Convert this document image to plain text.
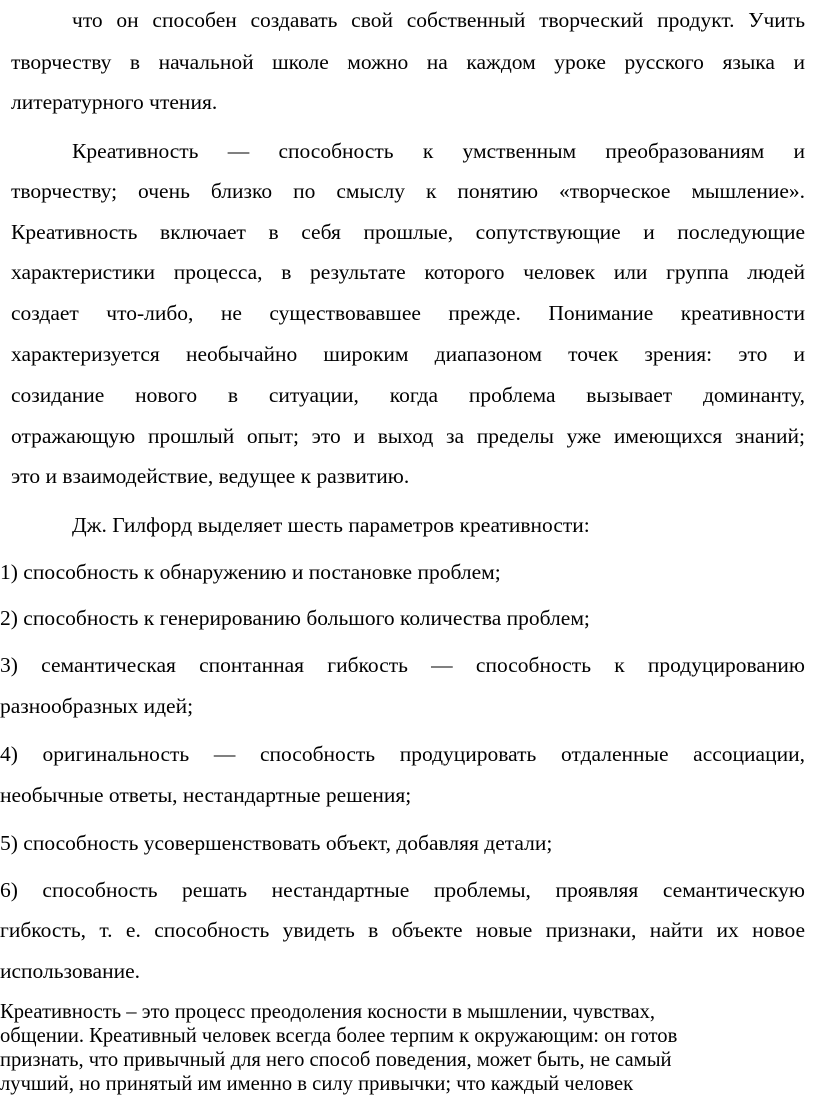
что он способен создавать свой собственный творческий продукт. Учить
творчеству в начальной школе можно на каждом уроке русского языка и
литературного чтения.
Креативность — способность к умственным преобразованиям и
творчеству; очень близко по смыслу к понятию «творческое мышление».
Креативность включает в себя прошлые, сопутствующие и последующие
характеристики процесса, в результате которого человек или группа людей
создает что-либо, не существовавшее прежде. Понимание креативности
характеризуется необычайно широким диапазоном точек зрения: это и
созидание нового в ситуации, когда проблема вызывает доминанту,
отражающую прошлый опыт; это и выход за пределы уже имеющихся знаний;
это и взаимодействие, ведущее к развитию.
Дж. Гилфорд выделяет шесть параметров креативности:
1) способность к обнаружению и постановке проблем;
2) способность к генерированию большого количества проблем;
3) семантическая спонтанная гибкость — способность к продуцированию
разнообразных идей;
4) оригинальность — способность продуцировать отдаленные ассоциации,
необычные ответы, нестандартные решения;
5) способность усовершенствовать объект, добавляя детали;
6) способность решать нестандартные проблемы, проявляя семантическую
гибкость, т. е. способность увидеть в объекте новые признаки, найти их новое
использование.
Креативность – это процесс преодоления косности в мышлении, чувствах,
общении. Креативный человек всегда более терпим к окружающим: он готов
признать, что привычный для него способ поведения, может быть, не самый
лучший, но принятый им именно в силу привычки; что каждый человек
